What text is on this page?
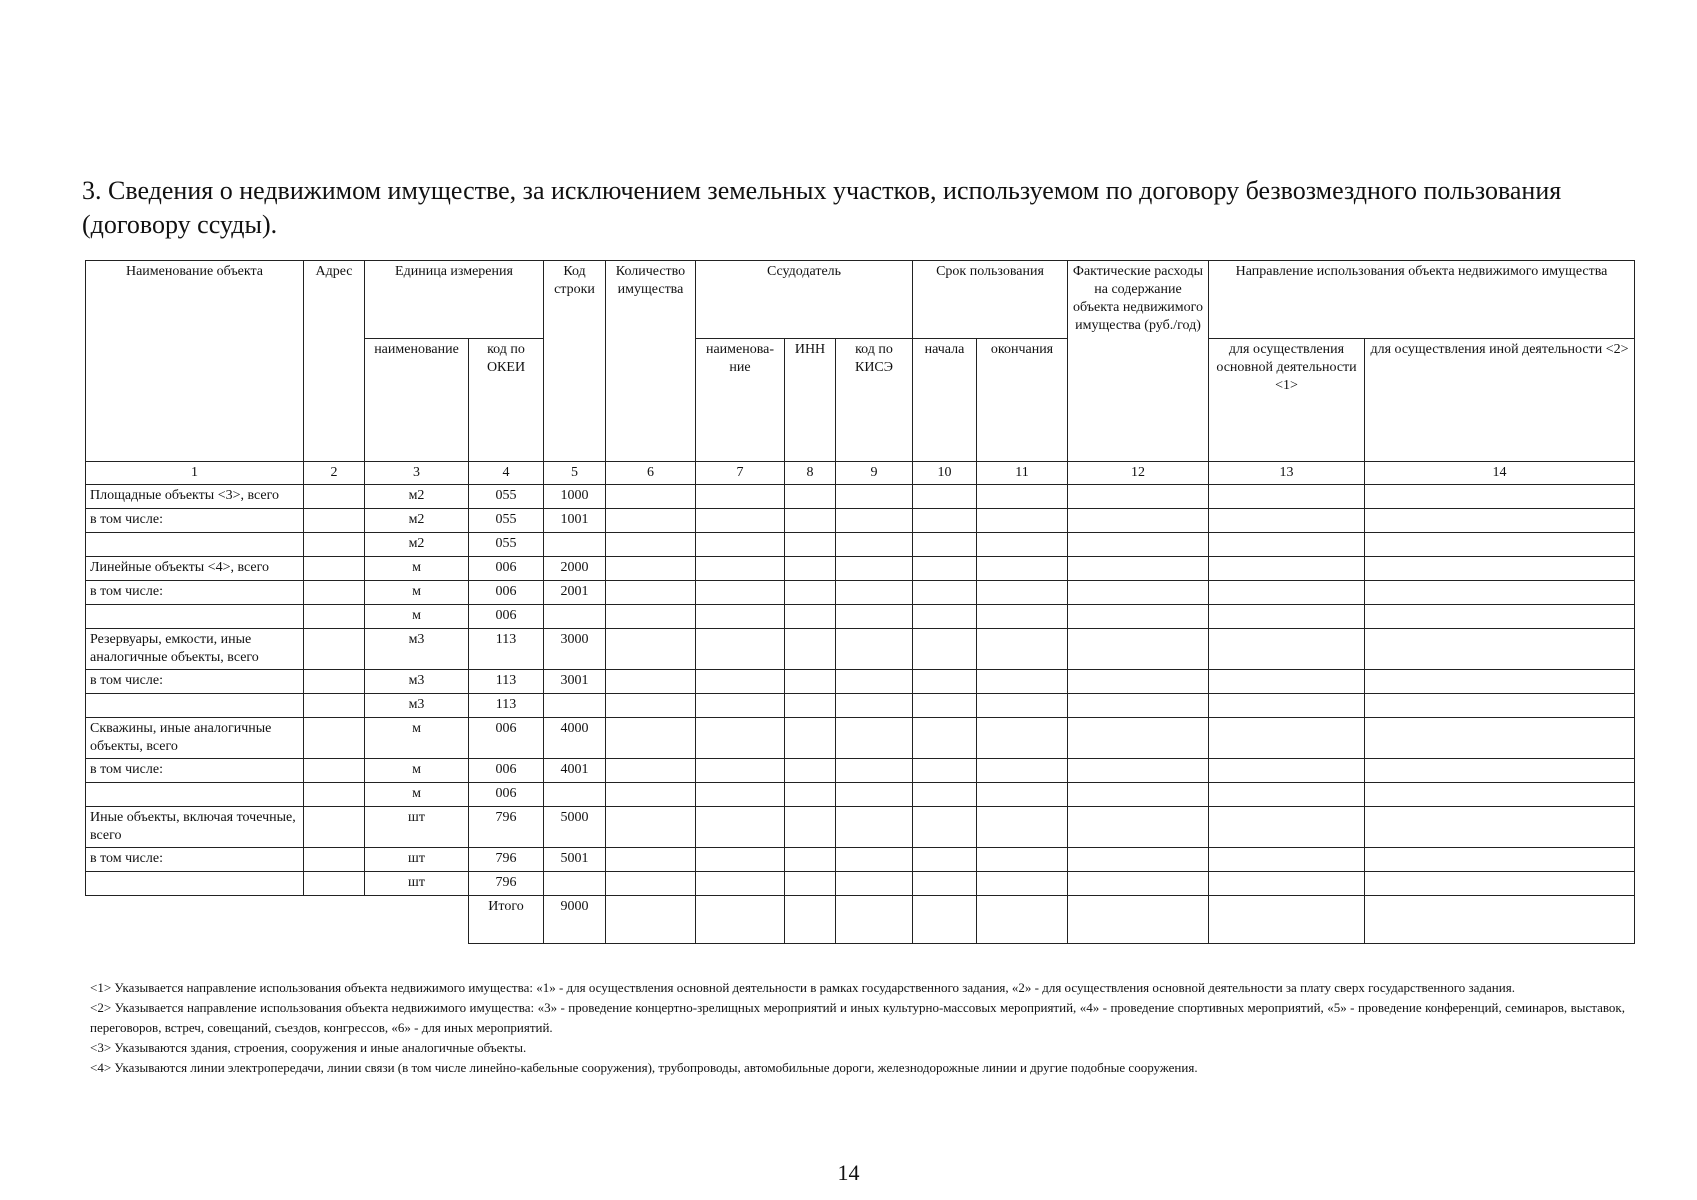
3. Сведения о недвижимом имуществе, за исключением земельных участков, используемом по договору безвозмездного пользования (договору ссуды).
Наименование объекта	Адрес	Единица измерения		Код строки	Количество имущества	Ссудодатель			Срок пользования		Фактические расходы на содержание объекта недвижимого имущества (руб./год)	Направление использования объекта недвижимого имущества	
		наименование	код по ОКЕИ			наименова-ние	ИНН	код по КИСЭ	начала	окончания		для осуществления основной деятельности <1>	для осуществления иной деятельности <2>
1	2	3	4	5	6	7	8	9	10	11	12	13	14
Площадные объекты <3>, всего		м2	055	1000									
в том числе:		м2	055	1001									
		м2	055										
Линейные объекты <4>, всего		м	006	2000									
в том числе:		м	006	2001									
		м	006										
Резервуары, емкости, иные аналогичные объекты, всего		м3	113	3000									
в том числе:		м3	113	3001									
		м3	113										
Скважины, иные аналогичные объекты, всего		м	006	4000									
в том числе:		м	006	4001									
		м	006										
Иные объекты, включая точечные, всего		шт	796	5000									
в том числе:		шт	796	5001									
		шт	796										
			Итого	9000									

<1> Указывается направление использования объекта недвижимого имущества: «1» - для осуществления основной деятельности в рамках государственного задания, «2» - для осуществления основной деятельности за плату сверх государственного задания.

<2> Указывается направление использования объекта недвижимого имущества: «3» - проведение концертно-зрелищных мероприятий и иных культурно-массовых мероприятий, «4» - проведение спортивных мероприятий, «5» - проведение конференций, семинаров, выставок, переговоров, встреч, совещаний, съездов, конгрессов, «6» - для иных мероприятий.

<3> Указываются здания, строения, сооружения и иные аналогичные объекты.

<4> Указываются линии электропередачи, линии связи (в том числе линейно-кабельные сооружения), трубопроводы, автомобильные дороги, железнодорожные линии и другие подобные сооружения.

14
